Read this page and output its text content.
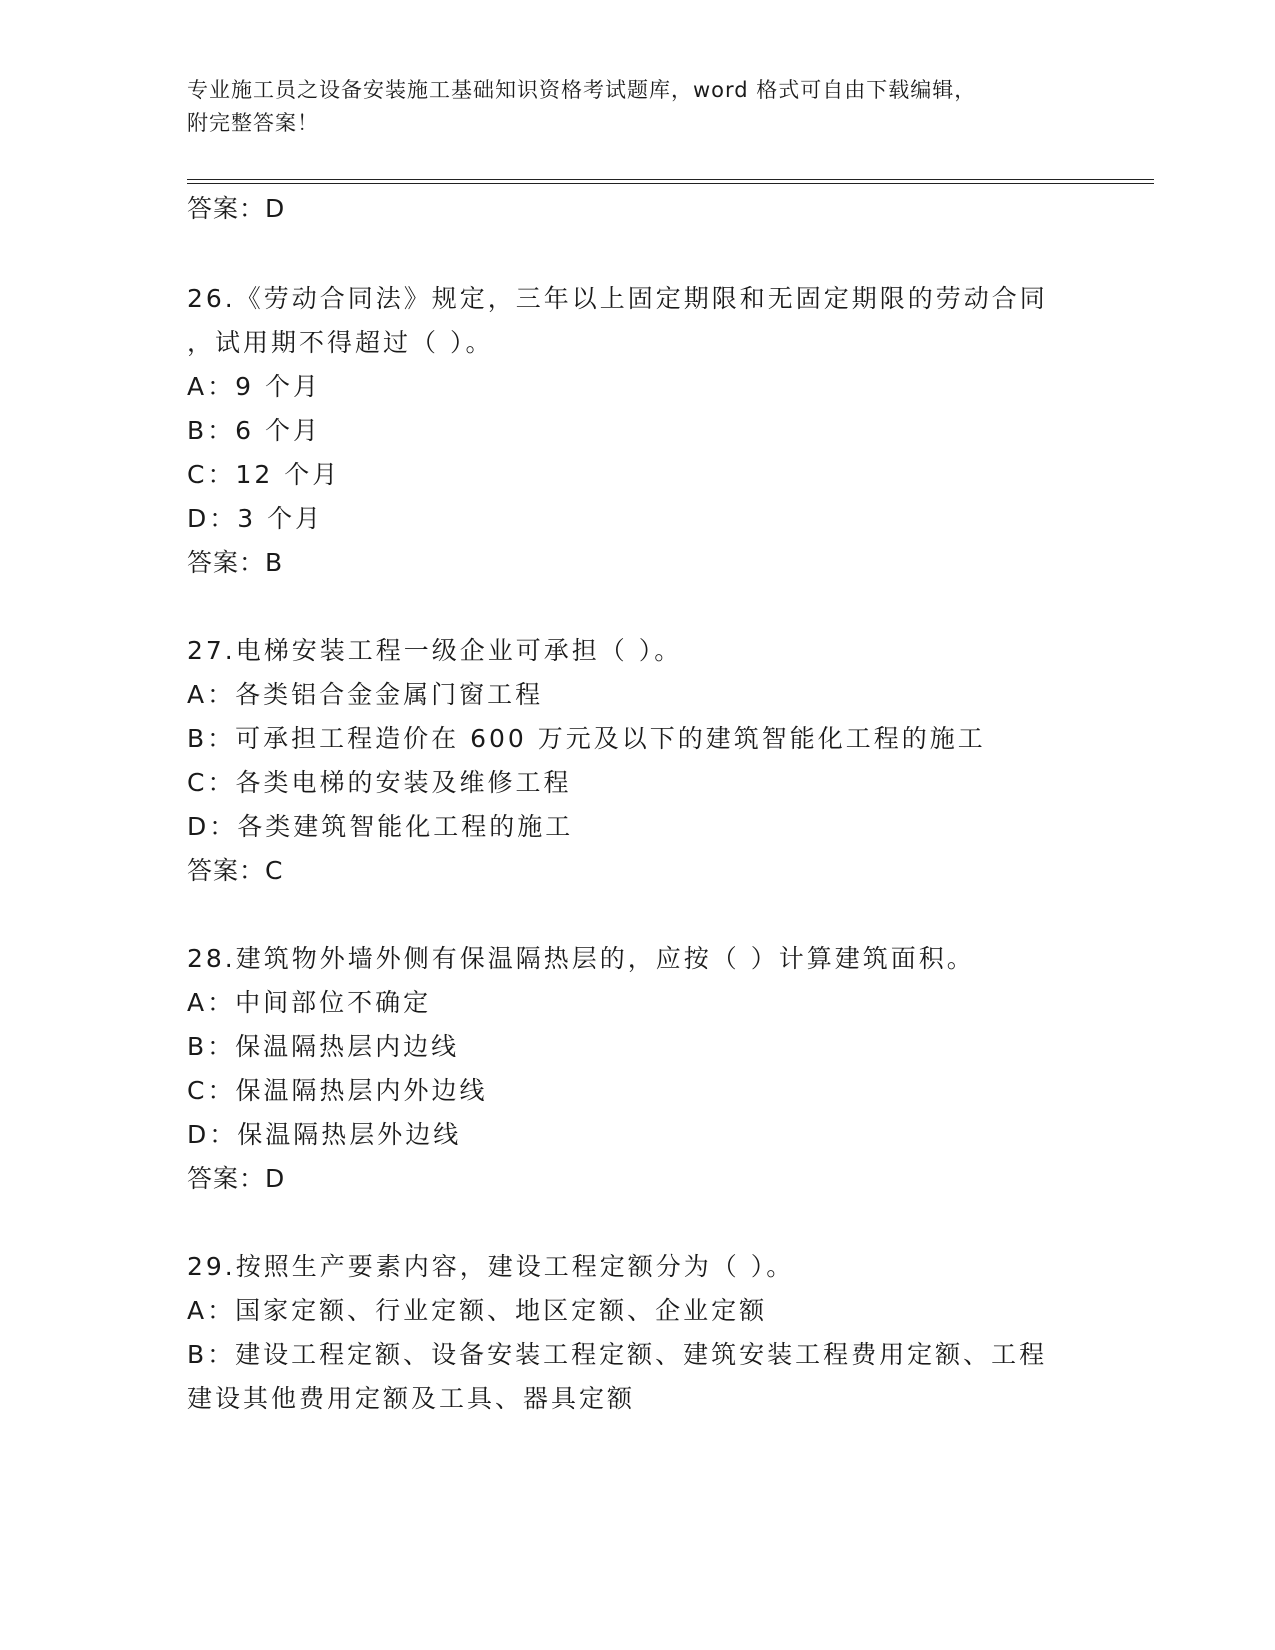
专业施工员之设备安装施工基础知识资格考试题库，word 格式可自由下载编辑，
附完整答案！
答案：D
26.《劳动合同法》规定，三年以上固定期限和无固定期限的劳动合同
，试用期不得超过（ ）。
A：9 个月
B：6 个月
C：12 个月
D：3 个月
答案：B
27.电梯安装工程一级企业可承担（ ）。
A：各类铝合金金属门窗工程
B：可承担工程造价在 600 万元及以下的建筑智能化工程的施工
C：各类电梯的安装及维修工程
D：各类建筑智能化工程的施工
答案：C
28.建筑物外墙外侧有保温隔热层的，应按（ ）计算建筑面积。
A：中间部位不确定
B：保温隔热层内边线
C：保温隔热层内外边线
D：保温隔热层外边线
答案：D
29.按照生产要素内容，建设工程定额分为（ ）。
A：国家定额、行业定额、地区定额、企业定额
B：建设工程定额、设备安装工程定额、建筑安装工程费用定额、工程
建设其他费用定额及工具、器具定额
